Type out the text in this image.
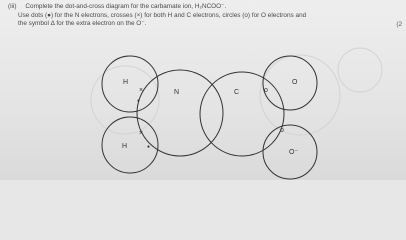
(iii) Complete the dot-and-cross diagram for the carbamate ion, H₂NCOO⁻.
Use dots (●) for the N electrons, crosses (×) for both H and C electrons, circles (o) for O electrons and
the symbol Δ for the extra electron on the O⁻.	(2
H
H
N	C
O
O⁻
×
●
×
●
o
o
